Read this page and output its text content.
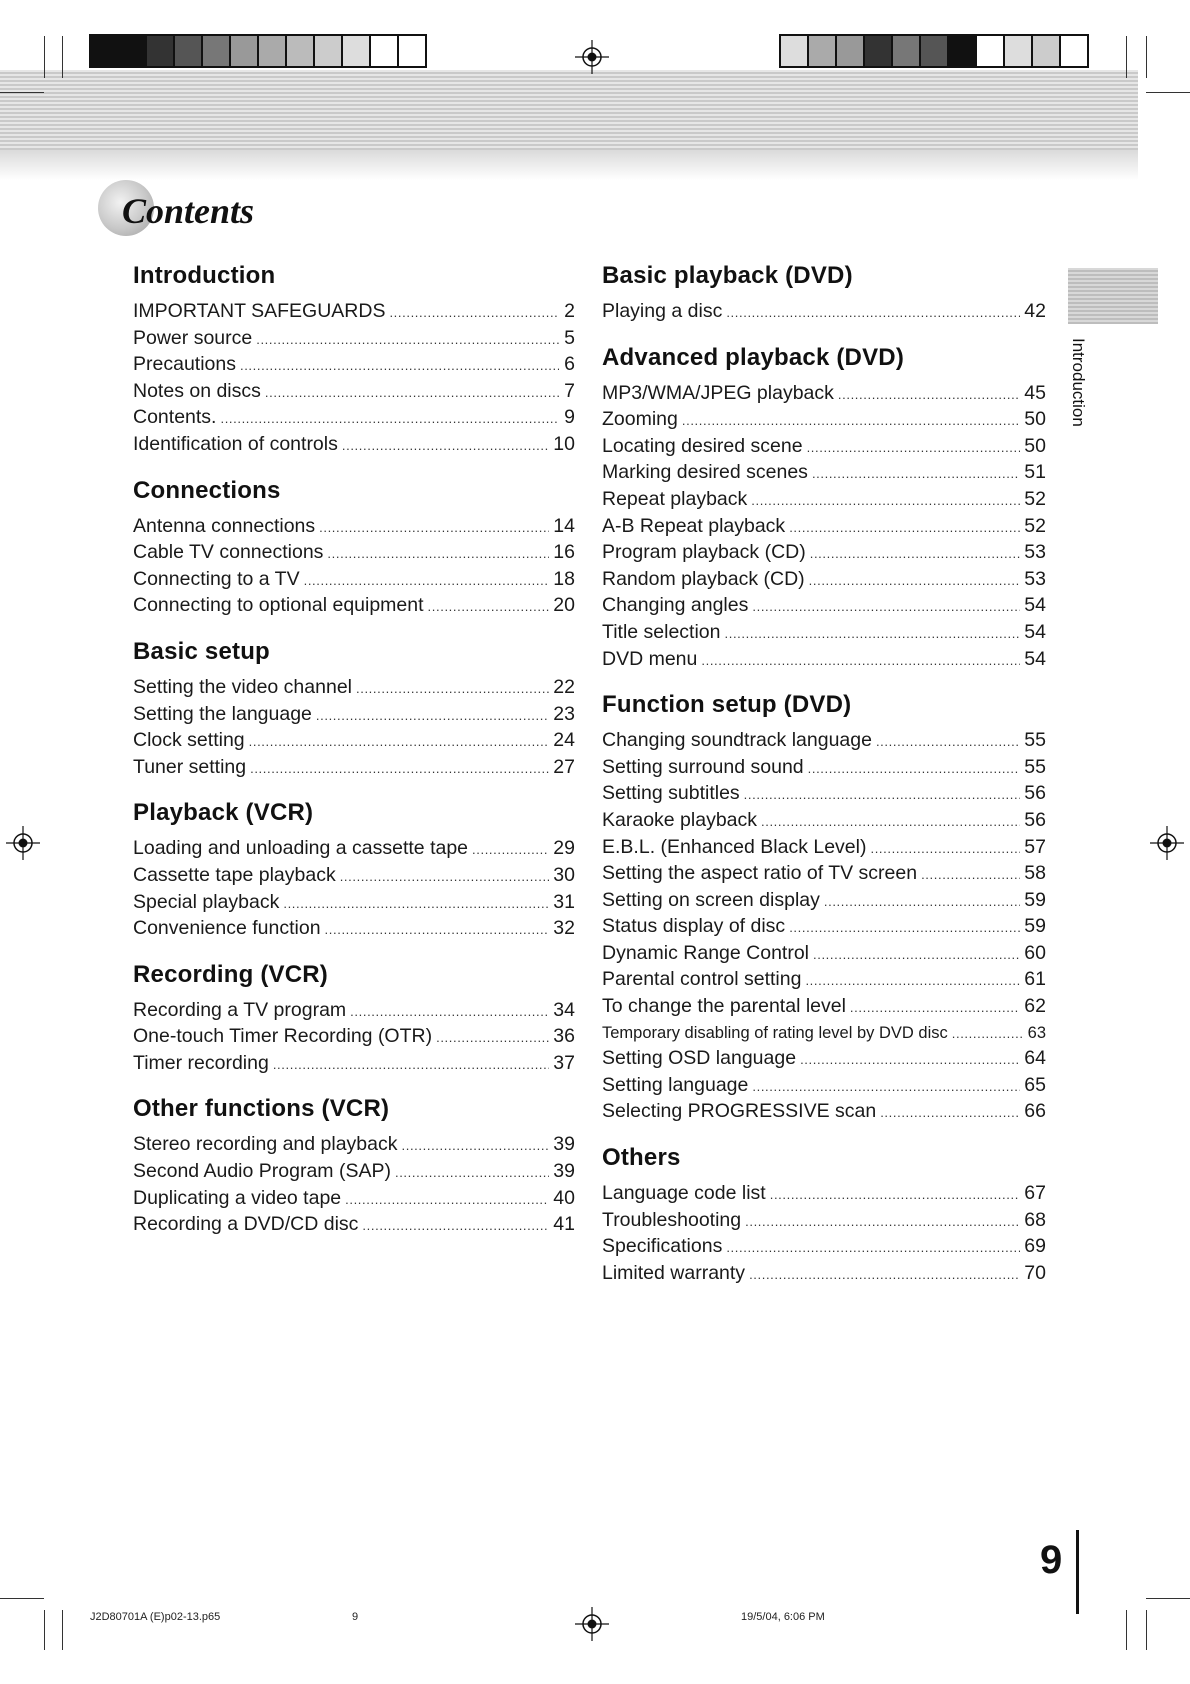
Contents
Introduction
Introduction
IMPORTANT SAFEGUARDS . . .	2
Power source . . .	5
Precautions . . .	6
Notes on discs . . .	7
Contents. . . .	9
Identification of controls . . .	10
Connections
Antenna connections . . .	14
Cable TV connections . . .	16
Connecting to a TV . . .	18
Connecting to optional equipment . . .	20
Basic setup
Setting the video channel . . .	22
Setting the language . . .	23
Clock setting . . .	24
Tuner setting . . .	27
Playback (VCR)
Loading and unloading a cassette tape . . .	29
Cassette tape playback . . .	30
Special playback . . .	31
Convenience function . . .	32
Recording (VCR)
Recording a TV program . . .	34
One-touch Timer Recording (OTR) . . .	36
Timer recording . . .	37
Other functions (VCR)
Stereo recording and playback . . .	39
Second Audio Program (SAP) . . .	39
Duplicating a video tape . . .	40
Recording a DVD/CD disc . . .	41
Basic playback (DVD)
Playing a disc . . .	42
Advanced playback (DVD)
MP3/WMA/JPEG playback . . .	45
Zooming . . .	50
Locating desired scene . . .	50
Marking desired scenes . . .	51
Repeat playback . . .	52
A-B Repeat playback . . .	52
Program playback (CD) . . .	53
Random playback (CD) . . .	53
Changing angles . . .	54
Title selection . . .	54
DVD menu . . .	54
Function setup (DVD)
Changing soundtrack language . . .	55
Setting surround sound . . .	55
Setting subtitles . . .	56
Karaoke playback . . .	56
E.B.L. (Enhanced Black Level) . . .	57
Setting the aspect ratio of TV screen . . .	58
Setting on screen display . . .	59
Status display of disc . . .	59
Dynamic Range Control . . .	60
Parental control setting . . .	61
To change the parental level . . .	62
Temporary disabling of rating level by DVD disc . . .	63
Setting OSD language . . .	64
Setting language . . .	65
Selecting PROGRESSIVE scan . . .	66
Others
Language code list . . .	67
Troubleshooting . . .	68
Specifications . . .	69
Limited warranty . . .	70
9
J2D80701A (E)p02-13.p65	9	19/5/04, 6:06 PM
